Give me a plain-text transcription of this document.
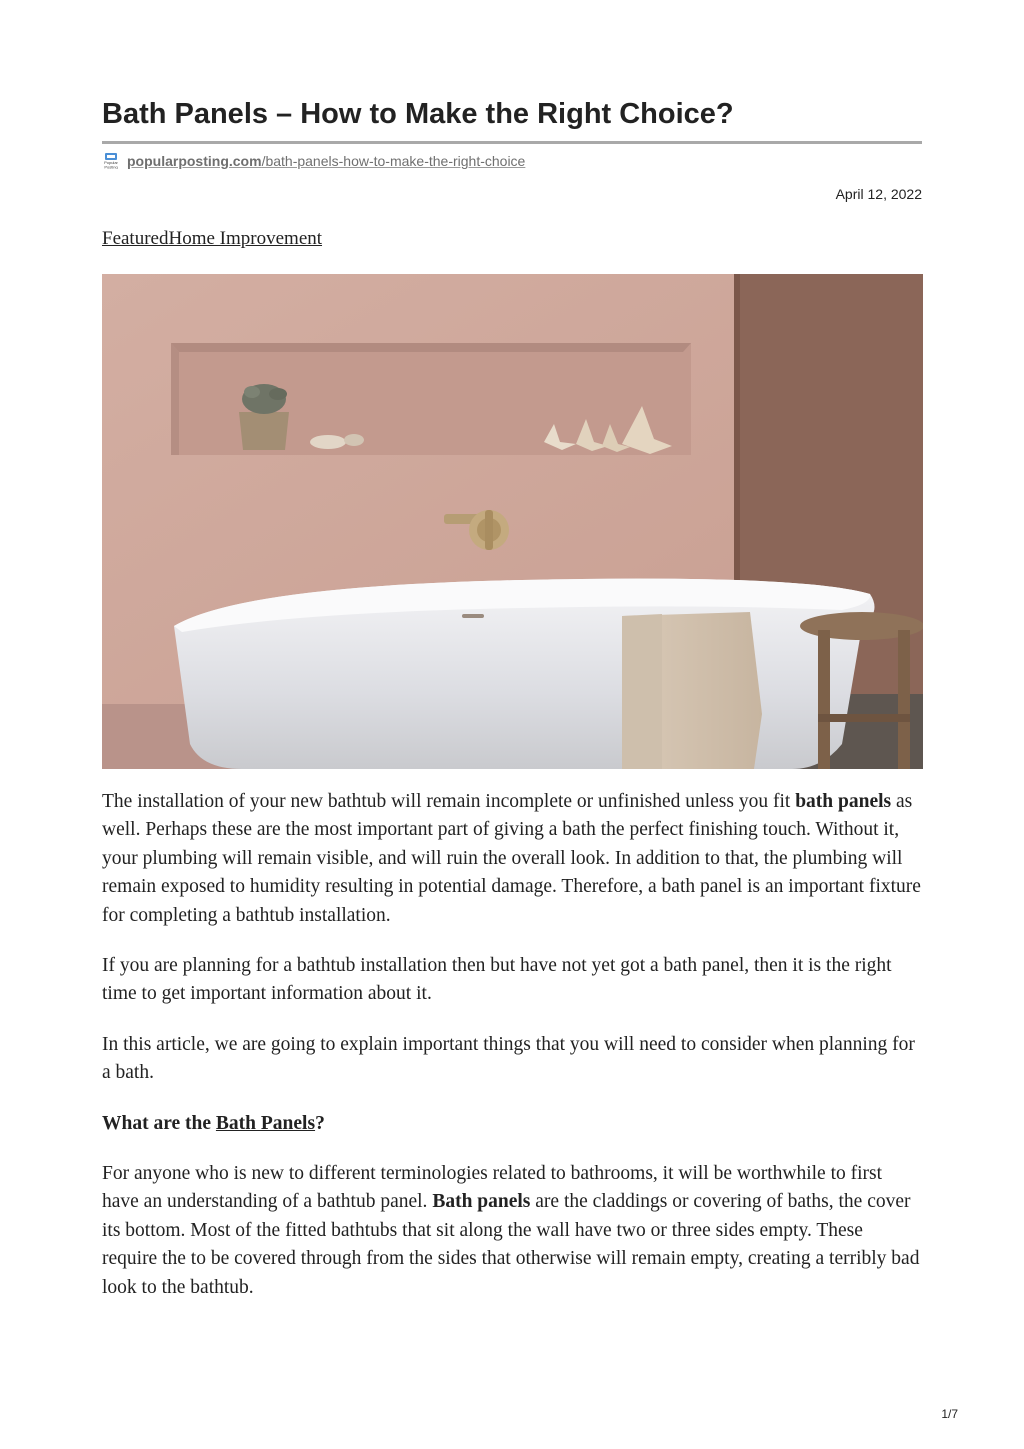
Bath Panels – How to Make the Right Choice?
Popular
Posting popularposting.com/bath-panels-how-to-make-the-right-choice
April 12, 2022
FeaturedHome Improvement

The installation of your new bathtub will remain incomplete or unfinished unless you fit bath panels as well. Perhaps these are the most important part of giving a bath the perfect finishing touch. Without it, your plumbing will remain visible, and will ruin the overall look. In addition to that, the plumbing will remain exposed to humidity resulting in potential damage. Therefore, a bath panel is an important fixture for completing a bathtub installation.

If you are planning for a bathtub installation then but have not yet got a bath panel, then it is the right time to get important information about it.

In this article, we are going to explain important things that you will need to consider when planning for a bath.

What are the Bath Panels?

For anyone who is new to different terminologies related to bathrooms, it will be worthwhile to first have an understanding of a bathtub panel. Bath panels are the claddings or covering of baths, the cover its bottom. Most of the fitted bathtubs that sit along the wall have two or three sides empty. These require the to be covered through from the sides that otherwise will remain empty, creating a terribly bad look to the bathtub.

1/7
